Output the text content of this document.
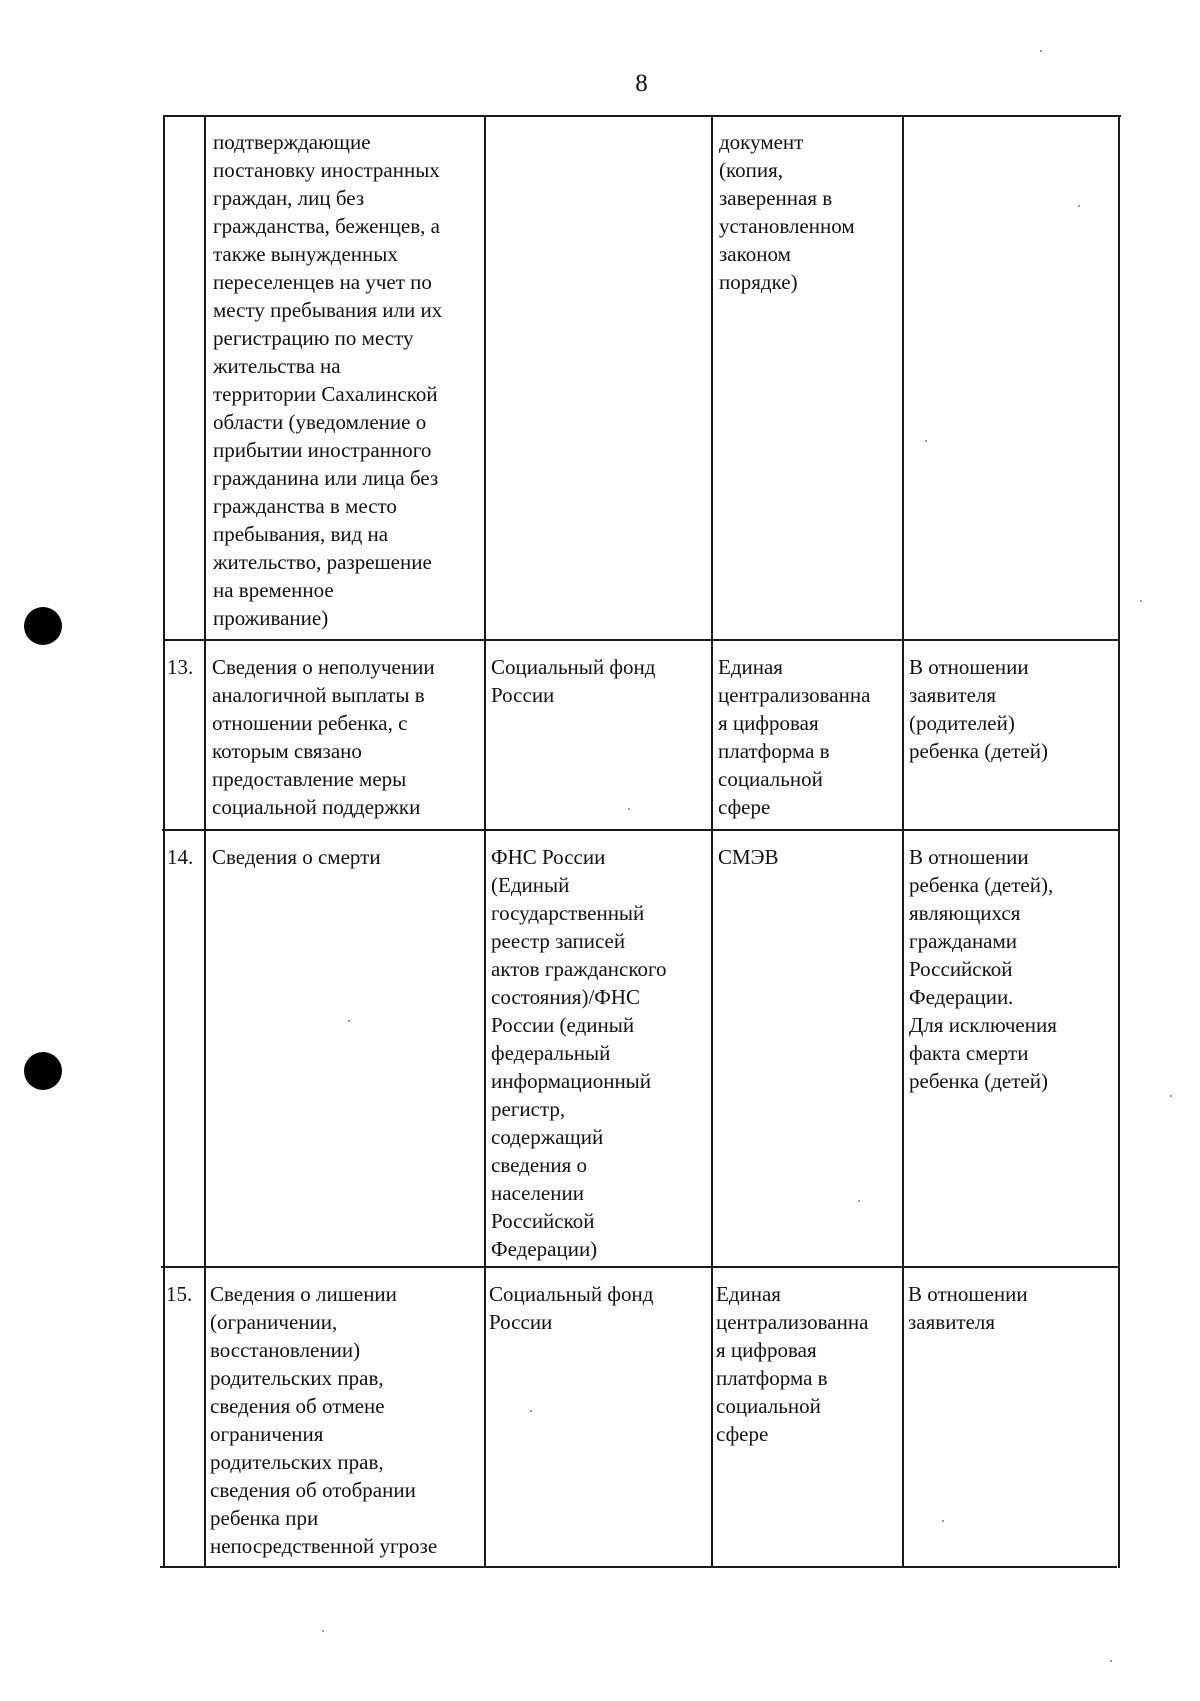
8
подтверждающие
постановку иностранных
граждан, лиц без
гражданства, беженцев, а
также вынужденных
переселенцев на учет по
месту пребывания или их
регистрацию по месту
жительства на
территории Сахалинской
области (уведомление о
прибытии иностранного
гражданина или лица без
гражданства в место
пребывания, вид на
жительство, разрешение
на временное
проживание)
документ
(копия,
заверенная в
установленном
законом
порядке)
13. Сведения о неполучении
аналогичной выплаты в
отношении ребенка, с
которым связано
предоставление меры
социальной поддержки
Социальный фонд
России
Единая
централизованна
я цифровая
платформа в
социальной
сфере
В отношении
заявителя
(родителей)
ребенка (детей)
14. Сведения о смерти	ФНС России
(Единый
государственный
реестр записей
актов гражданского
состояния)/ФНС
России (единый
федеральный
информационный
регистр,
содержащий
сведения о
населении
Российской
Федерации)
СМЭВ	В отношении
ребенка (детей),
являющихся
гражданами
Российской
Федерации.
Для исключения
факта смерти
ребенка (детей)
15. Сведения о лишении
(ограничении,
восстановлении)
родительских прав,
сведения об отмене
ограничения
родительских прав,
сведения об отобрании
ребенка при
непосредственной угрозе
Социальный фонд
России
Единая
централизованна
я цифровая
платформа в
социальной
сфере
В отношении
заявителя
